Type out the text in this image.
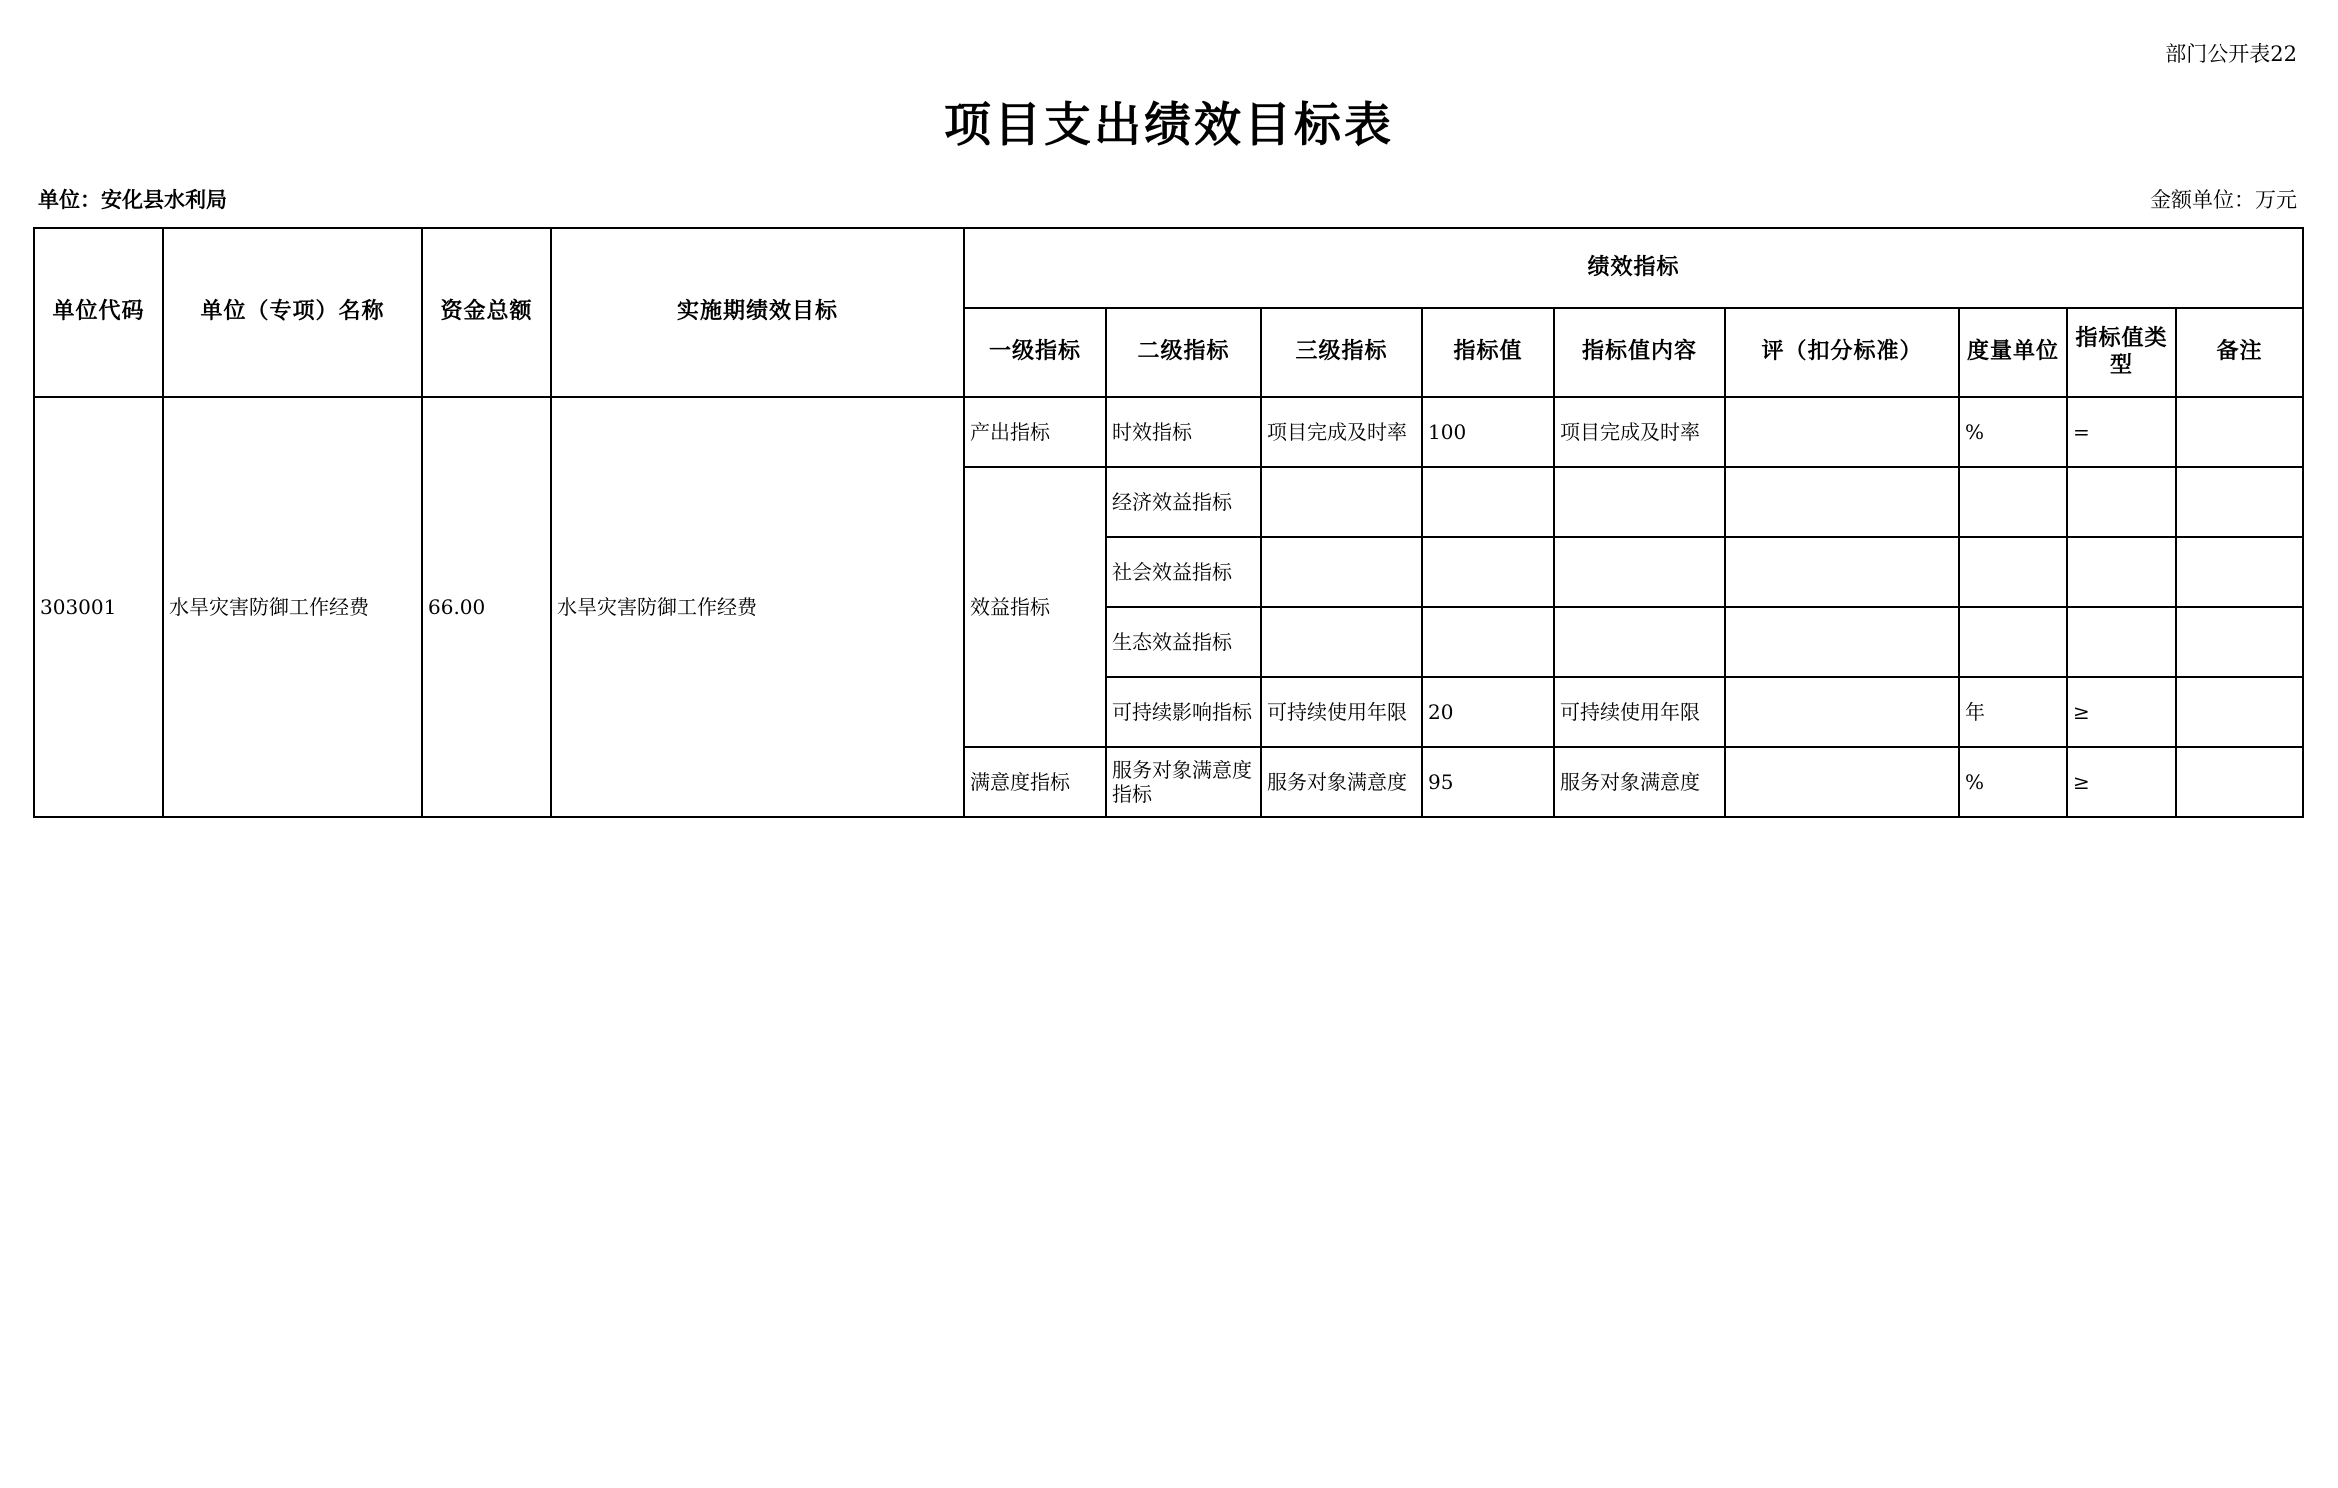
部门公开表22
项目支出绩效目标表
单位：安化县水利局	金额单位：万元
单位代码	单位（专项）名称	资金总额	实施期绩效目标	绩效指标								
				一级指标	二级指标	三级指标	指标值	指标值内容	评（扣分标准）	度量单位	指标值类型	备注
303001	水旱灾害防御工作经费	66.00	水旱灾害防御工作经费	产出指标	时效指标	项目完成及时率	100	项目完成及时率		%	=	
				效益指标	经济效益指标							
					社会效益指标							
					生态效益指标							
					可持续影响指标	可持续使用年限	20	可持续使用年限		年	≥	
				满意度指标	服务对象满意度指标	服务对象满意度	95	服务对象满意度		%	≥	
